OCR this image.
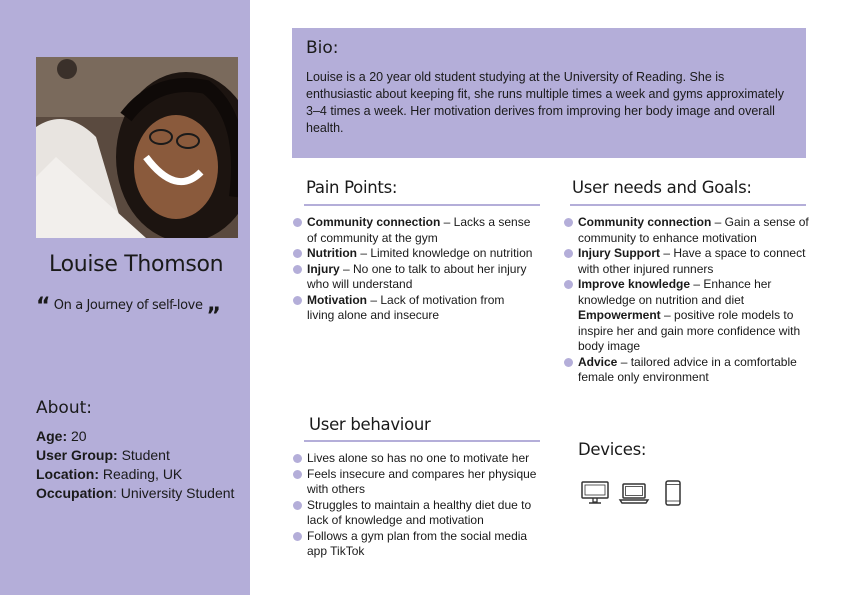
Louise Thomson
“ On a Journey of self-love ”
About:
Age: 20
User Group: Student
Location: Reading, UK
Occupation: University Student
Bio:
Louise is a 20 year old student studying at the University of Reading. She is enthusiastic about keeping fit, she runs multiple times a week and gyms approximately 3–4 times a week. Her motivation derives from improving her body image and overall health.
Pain Points:
Community connection – Lacks a sense of community at the gym
Nutrition – Limited knowledge on nutrition
Injury – No one to talk to about her injury who will understand
Motivation – Lack of motivation from living alone and insecure
User needs and Goals:
Community connection – Gain a sense of community to enhance motivation
Injury Support – Have a space to connect with other injured runners
Improve knowledge – Enhance her knowledge on nutrition and diet
Empowerment – positive role models to inspire her and gain more confidence with body image
Advice – tailored advice in a comfortable female only environment
User behaviour
Lives alone so has no one to motivate her
Feels insecure and compares her physique with others
Struggles to maintain a healthy diet due to lack of knowledge and motivation
Follows a gym plan from the social media app TikTok
Devices:
